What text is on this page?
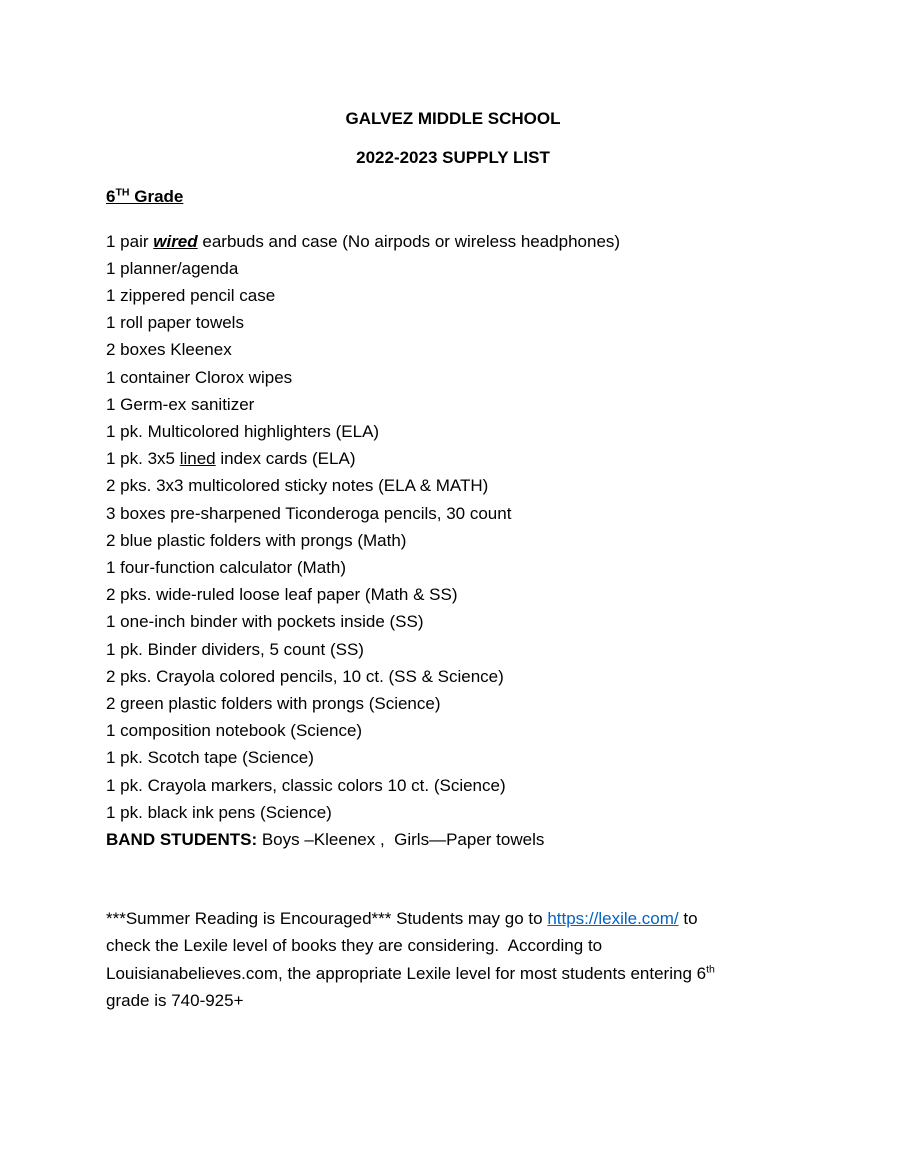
GALVEZ MIDDLE SCHOOL
2022-2023 SUPPLY LIST
6TH Grade
1 pair wired earbuds and case (No airpods or wireless headphones)
1 planner/agenda
1 zippered pencil case
1 roll paper towels
2 boxes Kleenex
1 container Clorox wipes
1 Germ-ex sanitizer
1 pk. Multicolored highlighters (ELA)
1 pk. 3x5 lined index cards (ELA)
2 pks. 3x3 multicolored sticky notes (ELA & MATH)
3 boxes pre-sharpened Ticonderoga pencils, 30 count
2 blue plastic folders with prongs (Math)
1 four-function calculator (Math)
2 pks. wide-ruled loose leaf paper (Math & SS)
1 one-inch binder with pockets inside (SS)
1 pk. Binder dividers, 5 count (SS)
2 pks. Crayola colored pencils, 10 ct. (SS & Science)
2 green plastic folders with prongs (Science)
1 composition notebook (Science)
1 pk. Scotch tape (Science)
1 pk. Crayola markers, classic colors 10 ct. (Science)
1 pk. black ink pens (Science)
BAND STUDENTS: Boys –Kleenex ,  Girls—Paper towels
***Summer Reading is Encouraged*** Students may go to https://lexile.com/ to
check the Lexile level of books they are considering.  According to
Louisianabelieves.com, the appropriate Lexile level for most students entering 6th
grade is 740-925+
